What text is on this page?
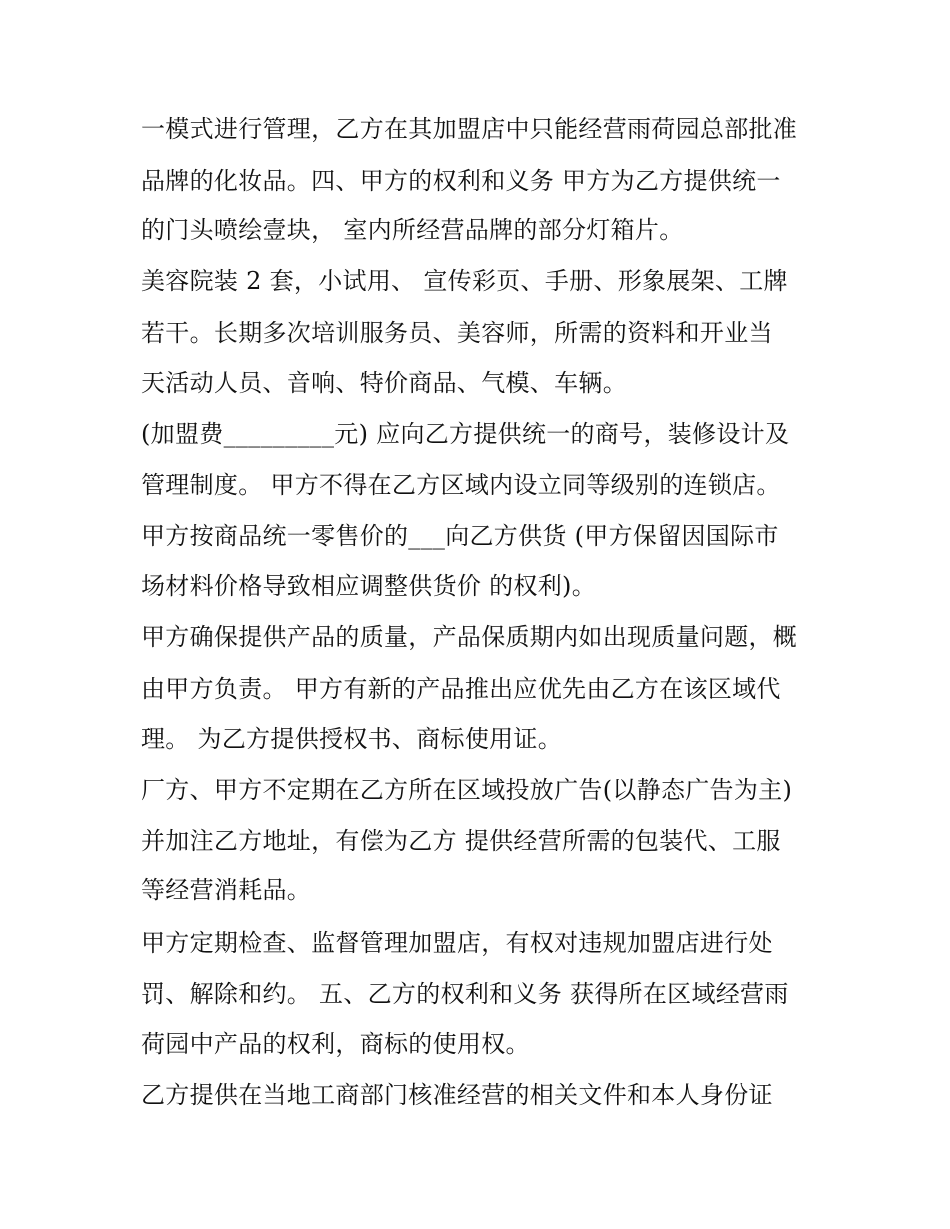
一模式进行管理，乙方在其加盟店中只能经营雨荷园总部批准
品牌的化妆品。四、甲方的权利和义务 甲方为乙方提供统一
的门头喷绘壹块， 室内所经营品牌的部分灯箱片。
美容院装 2 套，小试用、 宣传彩页、手册、形象展架、工牌
若干。长期多次培训服务员、美容师，所需的资料和开业当
天活动人员、音响、特价商品、气模、车辆。
(加盟费_________元) 应向乙方提供统一的商号，装修设计及
管理制度。 甲方不得在乙方区域内设立同等级别的连锁店。
甲方按商品统一零售价的___向乙方供货 (甲方保留因国际市
场材料价格导致相应调整供货价 的权利)。
甲方确保提供产品的质量，产品保质期内如出现质量问题，概
由甲方负责。 甲方有新的产品推出应优先由乙方在该区域代
理。 为乙方提供授权书、商标使用证。
厂方、甲方不定期在乙方所在区域投放广告(以静态广告为主)
并加注乙方地址，有偿为乙方 提供经营所需的包装代、工服
等经营消耗品。
甲方定期检查、监督管理加盟店，有权对违规加盟店进行处
罚、解除和约。 五、乙方的权利和义务 获得所在区域经营雨
荷园中产品的权利，商标的使用权。
乙方提供在当地工商部门核准经营的相关文件和本人身份证
